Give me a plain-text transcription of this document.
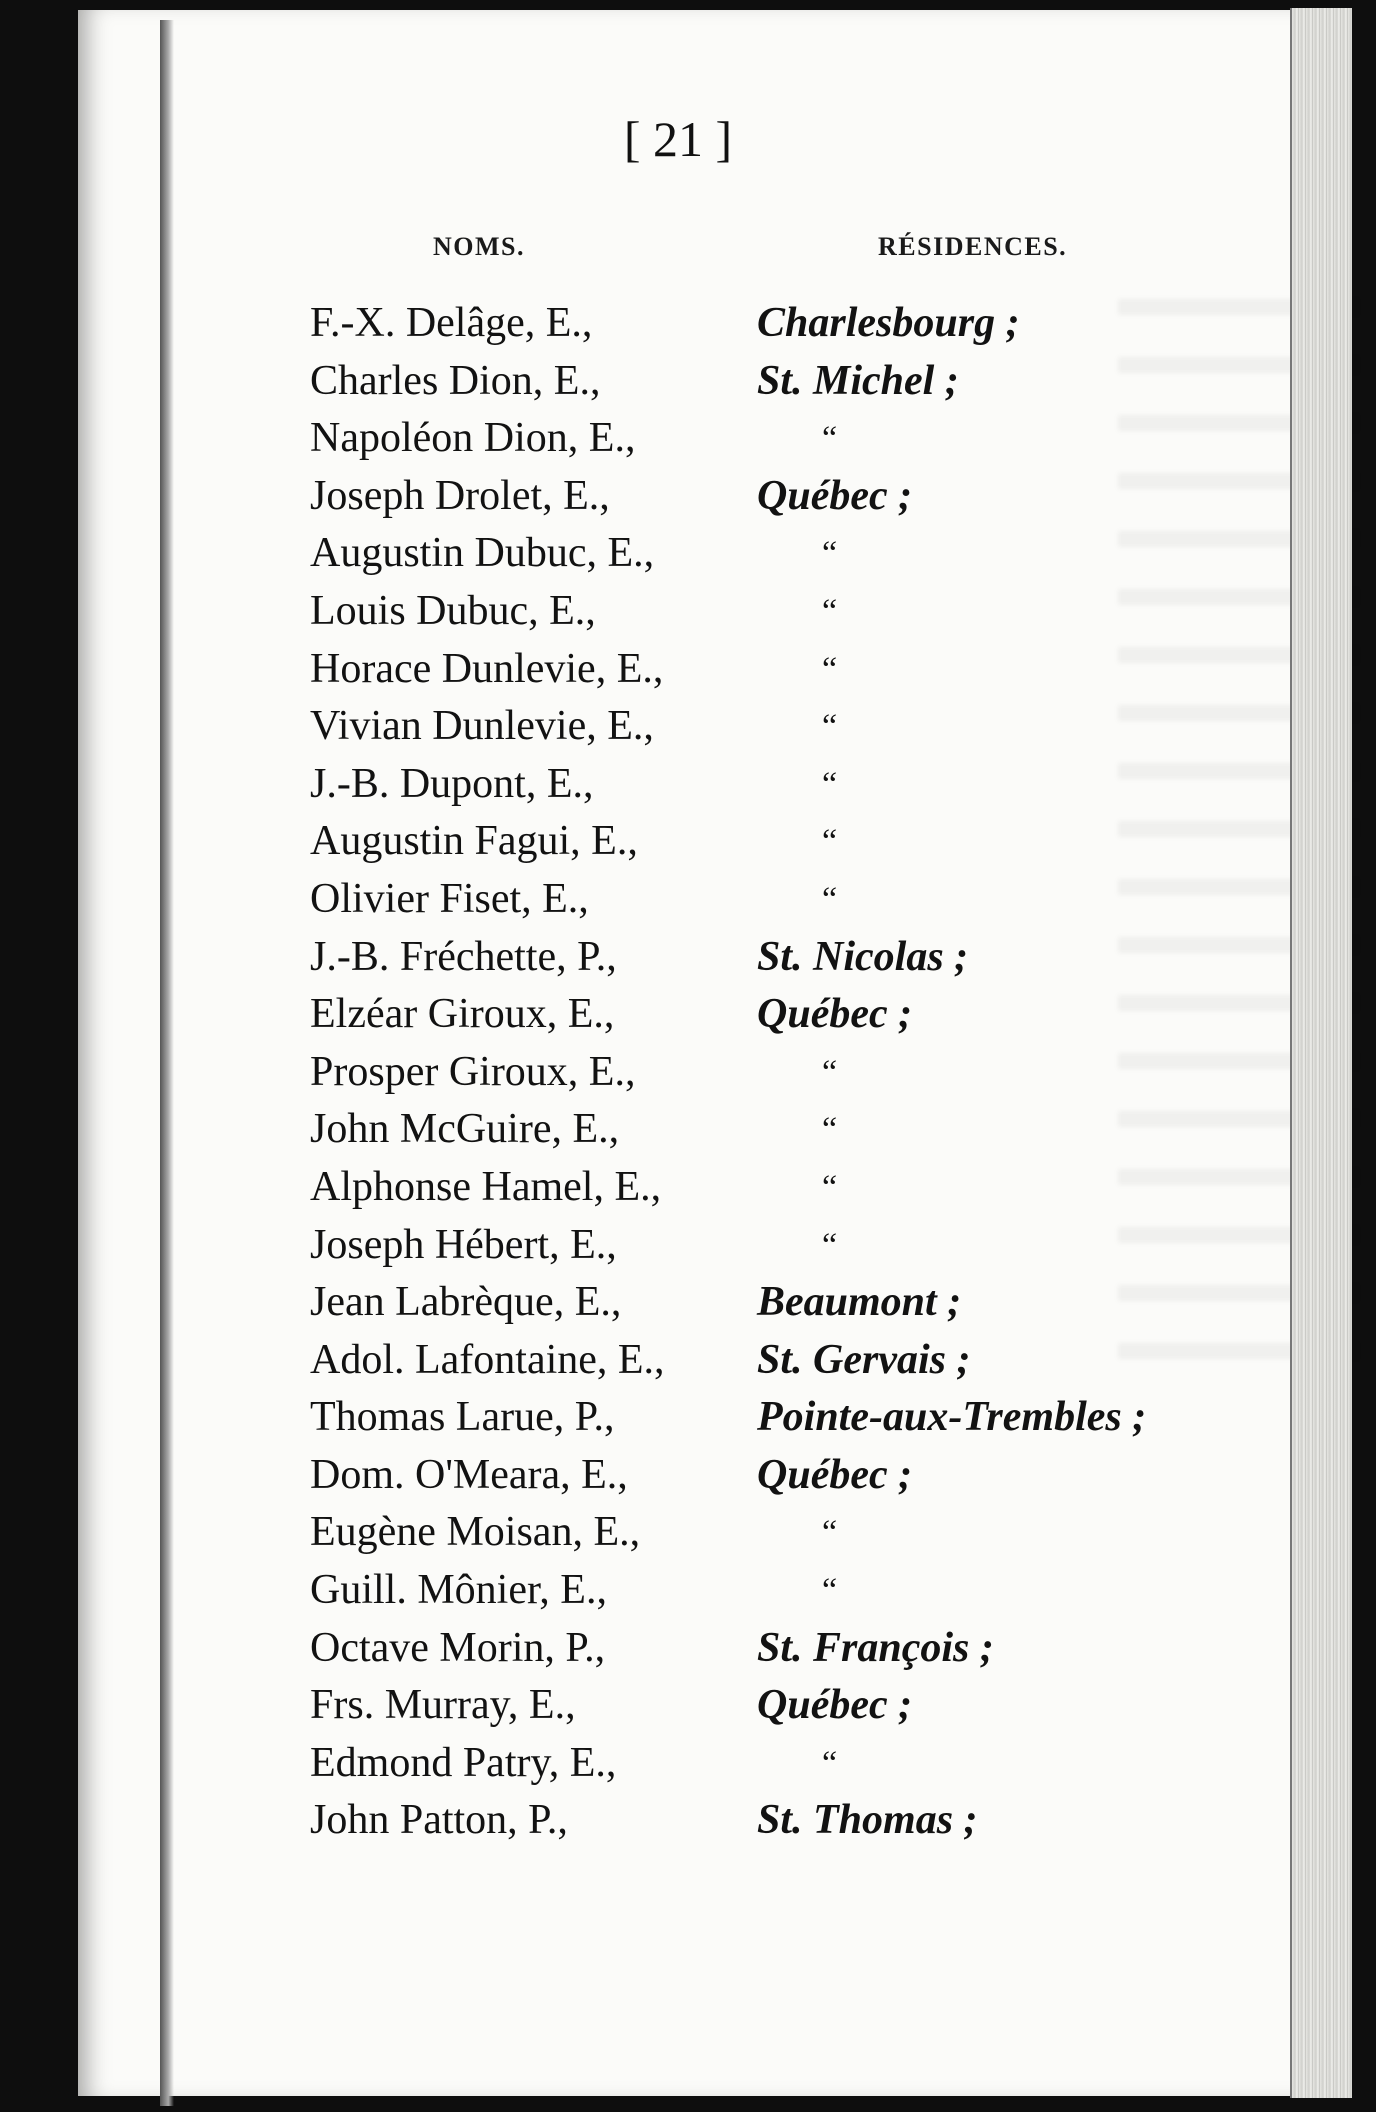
[ 21 ]
NOMS.	RÉSIDENCES.
F.-X. Delâge, E.,	Charlesbourg ;
Charles Dion, E.,	St. Michel ;
Napoléon Dion, E.,	“
Joseph Drolet, E.,	Québec ;
Augustin Dubuc, E.,	“
Louis Dubuc, E.,	“
Horace Dunlevie, E.,	“
Vivian Dunlevie, E.,	“
J.-B. Dupont, E.,	“
Augustin Fagui, E.,	“
Olivier Fiset, E.,	“
J.-B. Fréchette, P.,	St. Nicolas ;
Elzéar Giroux, E.,	Québec ;
Prosper Giroux, E.,	“
John McGuire, E.,	“
Alphonse Hamel, E.,	“
Joseph Hébert, E.,	“
Jean Labrèque, E.,	Beaumont ;
Adol. Lafontaine, E., St. Gervais ;
Thomas Larue, P.,	Pointe-aux-Trembles ;
Dom. O'Meara, E.,	Québec ;
Eugène Moisan, E.,	“
Guill. Mônier, E.,	“
Octave Morin, P.,	St. François ;
Frs. Murray, E.,	Québec ;
Edmond Patry, E.,	“
John Patton, P.,	St. Thomas ;
